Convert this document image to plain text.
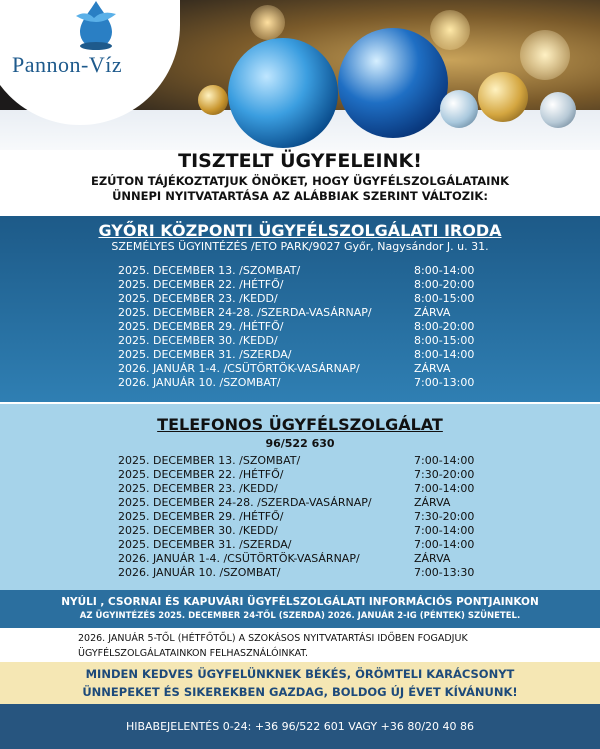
Pannon-Víz
TISZTELT ÜGYFELEINK!

EZÚTON TÁJÉKOZTATJUK ÖNÖKET, HOGY ÜGYFÉLSZOLGÁLATAINK

ÜNNEPI NYITVATARTÁSA AZ ALÁBBIAK SZERINT VÁLTOZIK:

GYŐRI KÖZPONTI ÜGYFÉLSZOLGÁLATI IRODA
SZEMÉLYES ÜGYINTÉZÉS /ETO PARK/9027 Győr, Nagysándor J. u. 31.
2025. DECEMBER 13. /SZOMBAT/	8:00-14:00
2025. DECEMBER 22. /HÉTFŐ/	8:00-20:00
2025. DECEMBER 23. /KEDD/	8:00-15:00
2025. DECEMBER 24-28. /SZERDA-VASÁRNAP/	ZÁRVA
2025. DECEMBER 29. /HÉTFŐ/	8:00-20:00
2025. DECEMBER 30. /KEDD/	8:00-15:00
2025. DECEMBER 31. /SZERDA/	8:00-14:00
2026. JANUÁR 1-4. /CSÜTÖRTÖK-VASÁRNAP/	ZÁRVA
2026. JANUÁR 10. /SZOMBAT/	7:00-13:00
TELEFONOS ÜGYFÉLSZOLGÁLAT
96/522 630
2025. DECEMBER 13. /SZOMBAT/	7:00-14:00
2025. DECEMBER 22. /HÉTFŐ/	7:30-20:00
2025. DECEMBER 23. /KEDD/	7:00-14:00
2025. DECEMBER 24-28. /SZERDA-VASÁRNAP/	ZÁRVA
2025. DECEMBER 29. /HÉTFŐ/	7:30-20:00
2025. DECEMBER 30. /KEDD/	7:00-14:00
2025. DECEMBER 31. /SZERDA/	7:00-14:00
2026. JANUÁR 1-4. /CSÜTÖRTÖK-VASÁRNAP/	ZÁRVA
2026. JANUÁR 10. /SZOMBAT/	7:00-13:30
NYÚLI , CSORNAI ÉS KAPUVÁRI ÜGYFÉLSZOLGÁLATI INFORMÁCIÓS PONTJAINKON
AZ ÜGYINTÉZÉS 2025. DECEMBER 24-TŐL (SZERDA) 2026. JANUÁR 2-IG (PÉNTEK) SZÜNETEL.
2026. JANUÁR 5-TŐL (HÉTFŐTŐL) A SZOKÁSOS NYITVATARTÁSI IDŐBEN FOGADJUK
ÜGYFÉLSZOLGÁLATAINKON FELHASZNÁLÓINKAT.
MINDEN KEDVES ÜGYFELÜNKNEK BÉKÉS, ÖRÖMTELI KARÁCSONYT
ÜNNEPEKET ÉS SIKEREKBEN GAZDAG, BOLDOG ÚJ ÉVET KÍVÁNUNK!
HIBABEJELENTÉS 0-24: +36 96/522 601 VAGY +36 80/20 40 86
